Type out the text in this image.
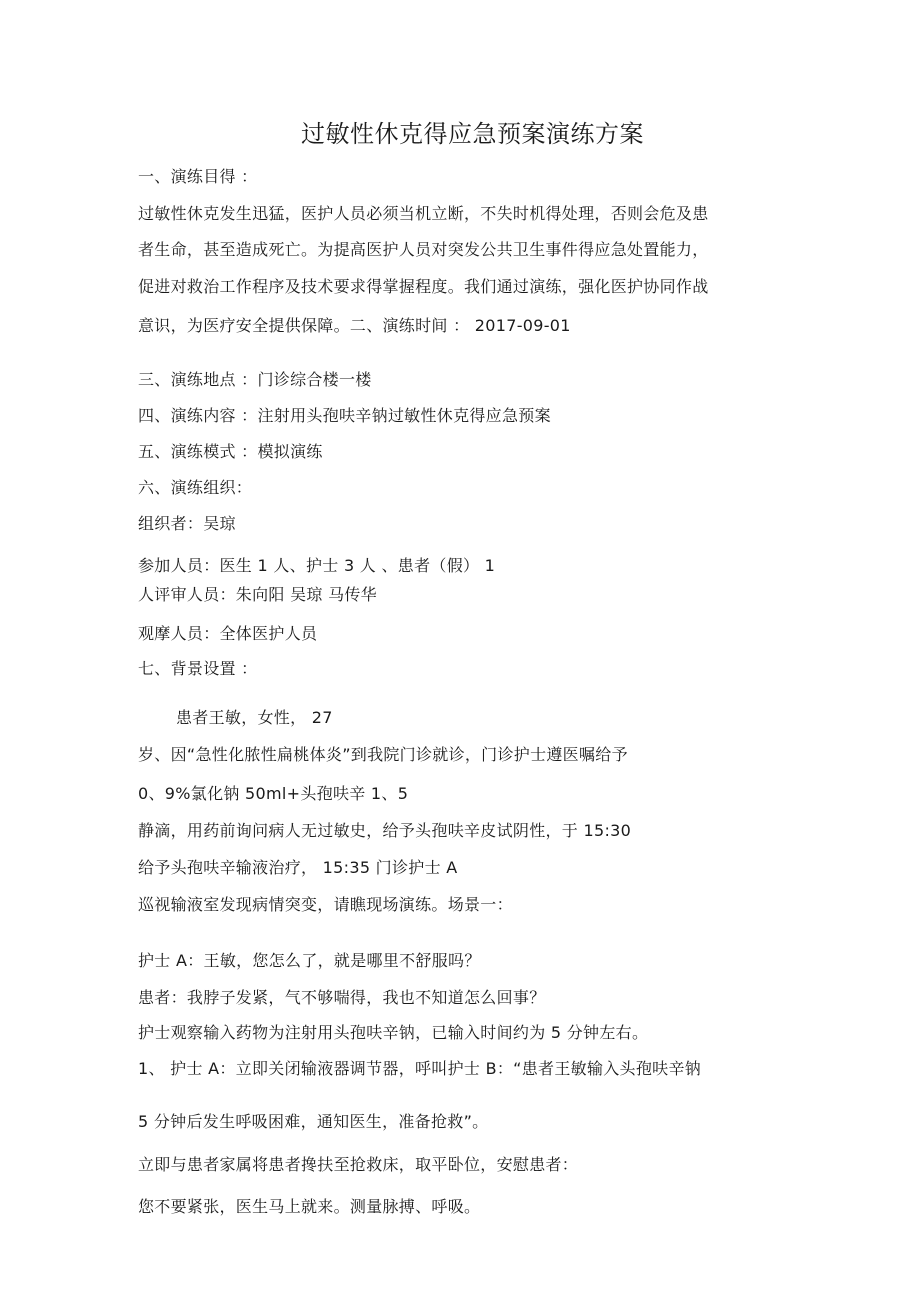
过敏性休克得应急预案演练方案
一、演练目得 ：
过敏性休克发生迅猛，医护人员必须当机立断，不失时机得处理，否则会危及患
者生命，甚至造成死亡。为提高医护人员对突发公共卫生事件得应急处置能力，
促进对救治工作程序及技术要求得掌握程度。我们通过演练，强化医护协同作战
意识，为医疗安全提供保障。二、演练时间 ： 2017-09-01
三、演练地点 ：门诊综合楼一楼
四、演练内容 ：注射用头孢呋辛钠过敏性休克得应急预案
五、演练模式 ：模拟演练
六、演练组织：
组织者：吴琼
参加人员：医生 1 人、护士 3 人 、患者（假） 1
人评审人员：朱向阳 吴琼 马传华
观摩人员：全体医护人员
七、背景设置 ：
患者王敏，女性， 27
岁、因“急性化脓性扁桃体炎”到我院门诊就诊，门诊护士遵医嘱给予
0、9%氯化钠 50ml+头孢呋辛 1、5
静滴，用药前询问病人无过敏史，给予头孢呋辛皮试阴性，于 15:30
给予头孢呋辛输液治疗， 15:35 门诊护士 A
巡视输液室发现病情突变，请瞧现场演练。场景一：
护士 A：王敏，您怎么了，就是哪里不舒服吗？
患者：我脖子发紧，气不够喘得，我也不知道怎么回事？
护士观察输入药物为注射用头孢呋辛钠，已输入时间约为 5 分钟左右。
1、 护士 A：立即关闭输液器调节器，呼叫护士 B：“患者王敏输入头孢呋辛钠
5 分钟后发生呼吸困难，通知医生，准备抢救”。
立即与患者家属将患者搀扶至抢救床，取平卧位，安慰患者：
您不要紧张，医生马上就来。测量脉搏、呼吸。
